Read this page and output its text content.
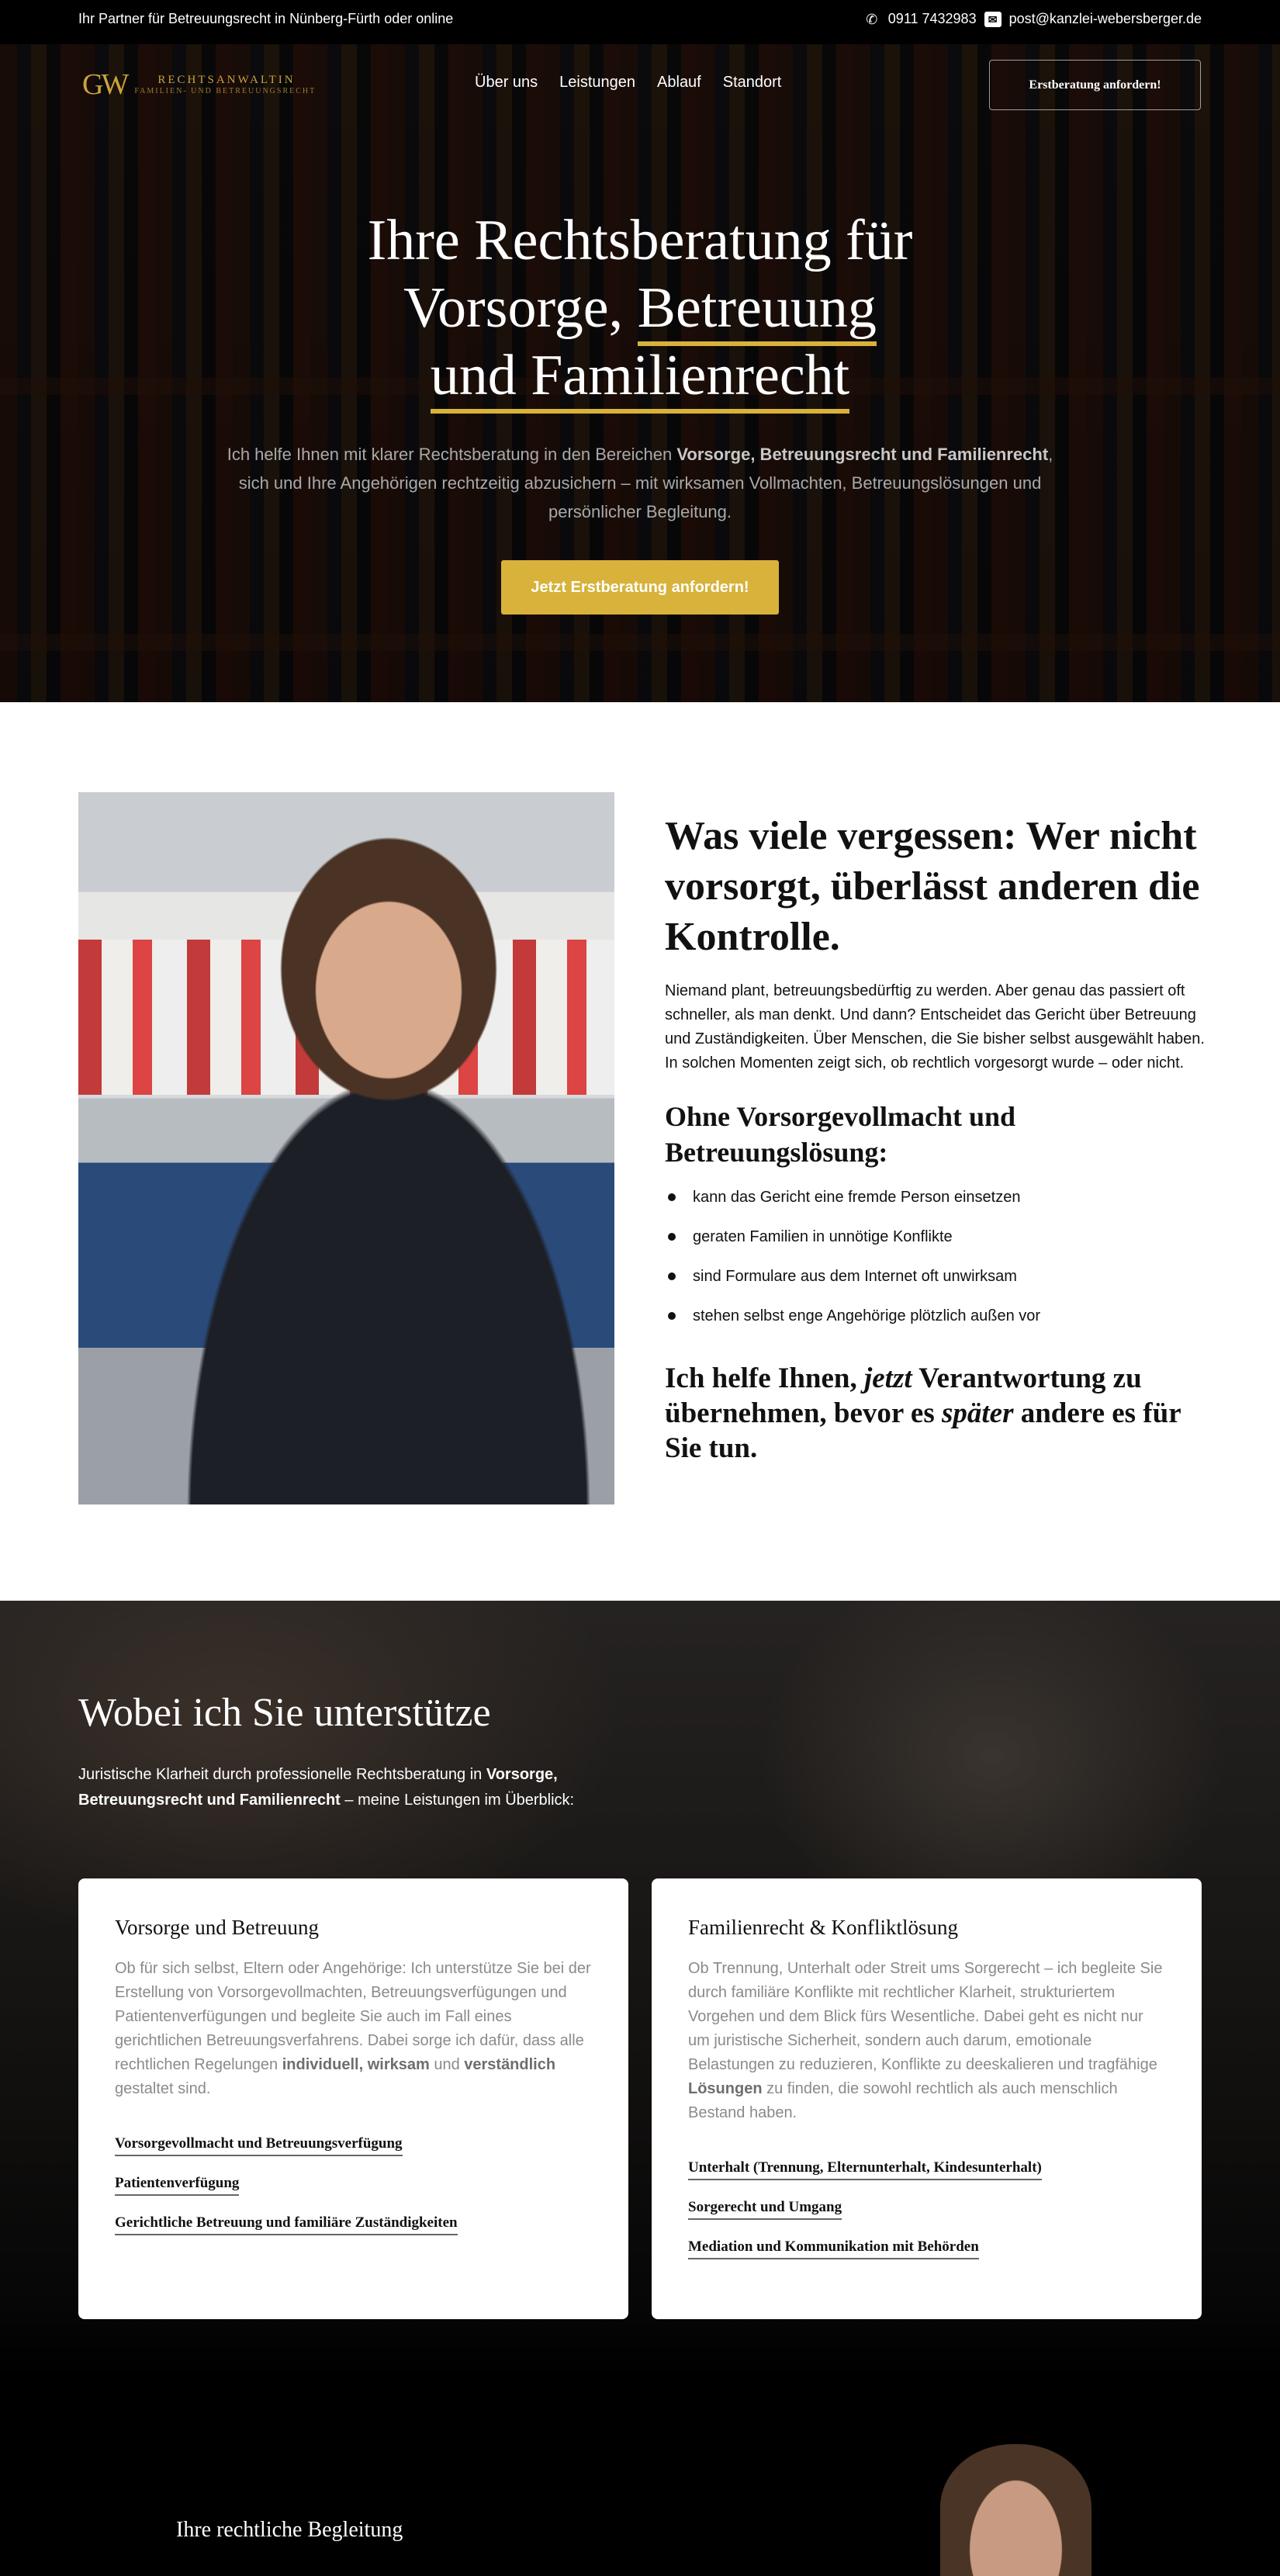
Ihr Partner für Betreuungsrecht in Nünberg-Fürth oder online	✆ 0911 7432983	✉ post@kanzlei-webersberger.de
GW	RECHTSANWALTIN
FAMILIEN- UND BETREUUNGSRECHT
Über uns Leistungen Ablauf Standort	Erstberatung anfordern!
Ihre Rechtsberatung für
Vorsorge, Betreuung
und Familienrecht

Ich helfe Ihnen mit klarer Rechtsberatung in den Bereichen Vorsorge, Betreuungsrecht und Familienrecht, sich und Ihre Angehörigen rechtzeitig abzusichern – mit wirksamen Vollmachten, Betreuungslösungen und persönlicher Begleitung.

Jetzt Erstberatung anfordern!
Was viele vergessen: Wer nicht vorsorgt, überlässt anderen die Kontrolle.

Niemand plant, betreuungsbedürftig zu werden. Aber genau das passiert oft schneller, als man denkt. Und dann? Entscheidet das Gericht über Betreuung und Zuständigkeiten. Über Menschen, die Sie bisher selbst ausgewählt haben. In solchen Momenten zeigt sich, ob rechtlich vorgesorgt wurde – oder nicht.

Ohne Vorsorgevollmacht und Betreuungslösung:
kann das Gericht eine fremde Person einsetzen
geraten Familien in unnötige Konflikte
sind Formulare aus dem Internet oft unwirksam
stehen selbst enge Angehörige plötzlich außen vor
Ich helfe Ihnen, jetzt Verantwortung zu übernehmen, bevor es später andere es für Sie tun.
Wobei ich Sie unterstütze

Juristische Klarheit durch professionelle Rechtsberatung in Vorsorge, Betreuungsrecht und Familienrecht – meine Leistungen im Überblick:

Vorsorge und Betreuung

Ob für sich selbst, Eltern oder Angehörige: Ich unterstütze Sie bei der Erstellung von Vorsorgevollmachten, Betreuungsverfügungen und Patientenverfügungen und begleite Sie auch im Fall eines gerichtlichen Betreuungsverfahrens. Dabei sorge ich dafür, dass alle rechtlichen Regelungen individuell, wirksam und verständlich gestaltet sind.

Vorsorgevollmacht und Betreuungsverfügung
Patientenverfügung
Gerichtliche Betreuung und familiäre Zuständigkeiten
Familienrecht & Konfliktlösung

Ob Trennung, Unterhalt oder Streit ums Sorgerecht – ich begleite Sie durch familiäre Konflikte mit rechtlicher Klarheit, strukturiertem Vorgehen und dem Blick fürs Wesentliche. Dabei geht es nicht nur um juristische Sicherheit, sondern auch darum, emotionale Belastungen zu reduzieren, Konflikte zu deeskalieren und tragfähige Lösungen zu finden, die sowohl rechtlich als auch menschlich Bestand haben.

Unterhalt (Trennung, Elternunterhalt, Kindesunterhalt)
Sorgerecht und Umgang
Mediation und Kommunikation mit Behörden
Ihre rechtliche Begleitung
